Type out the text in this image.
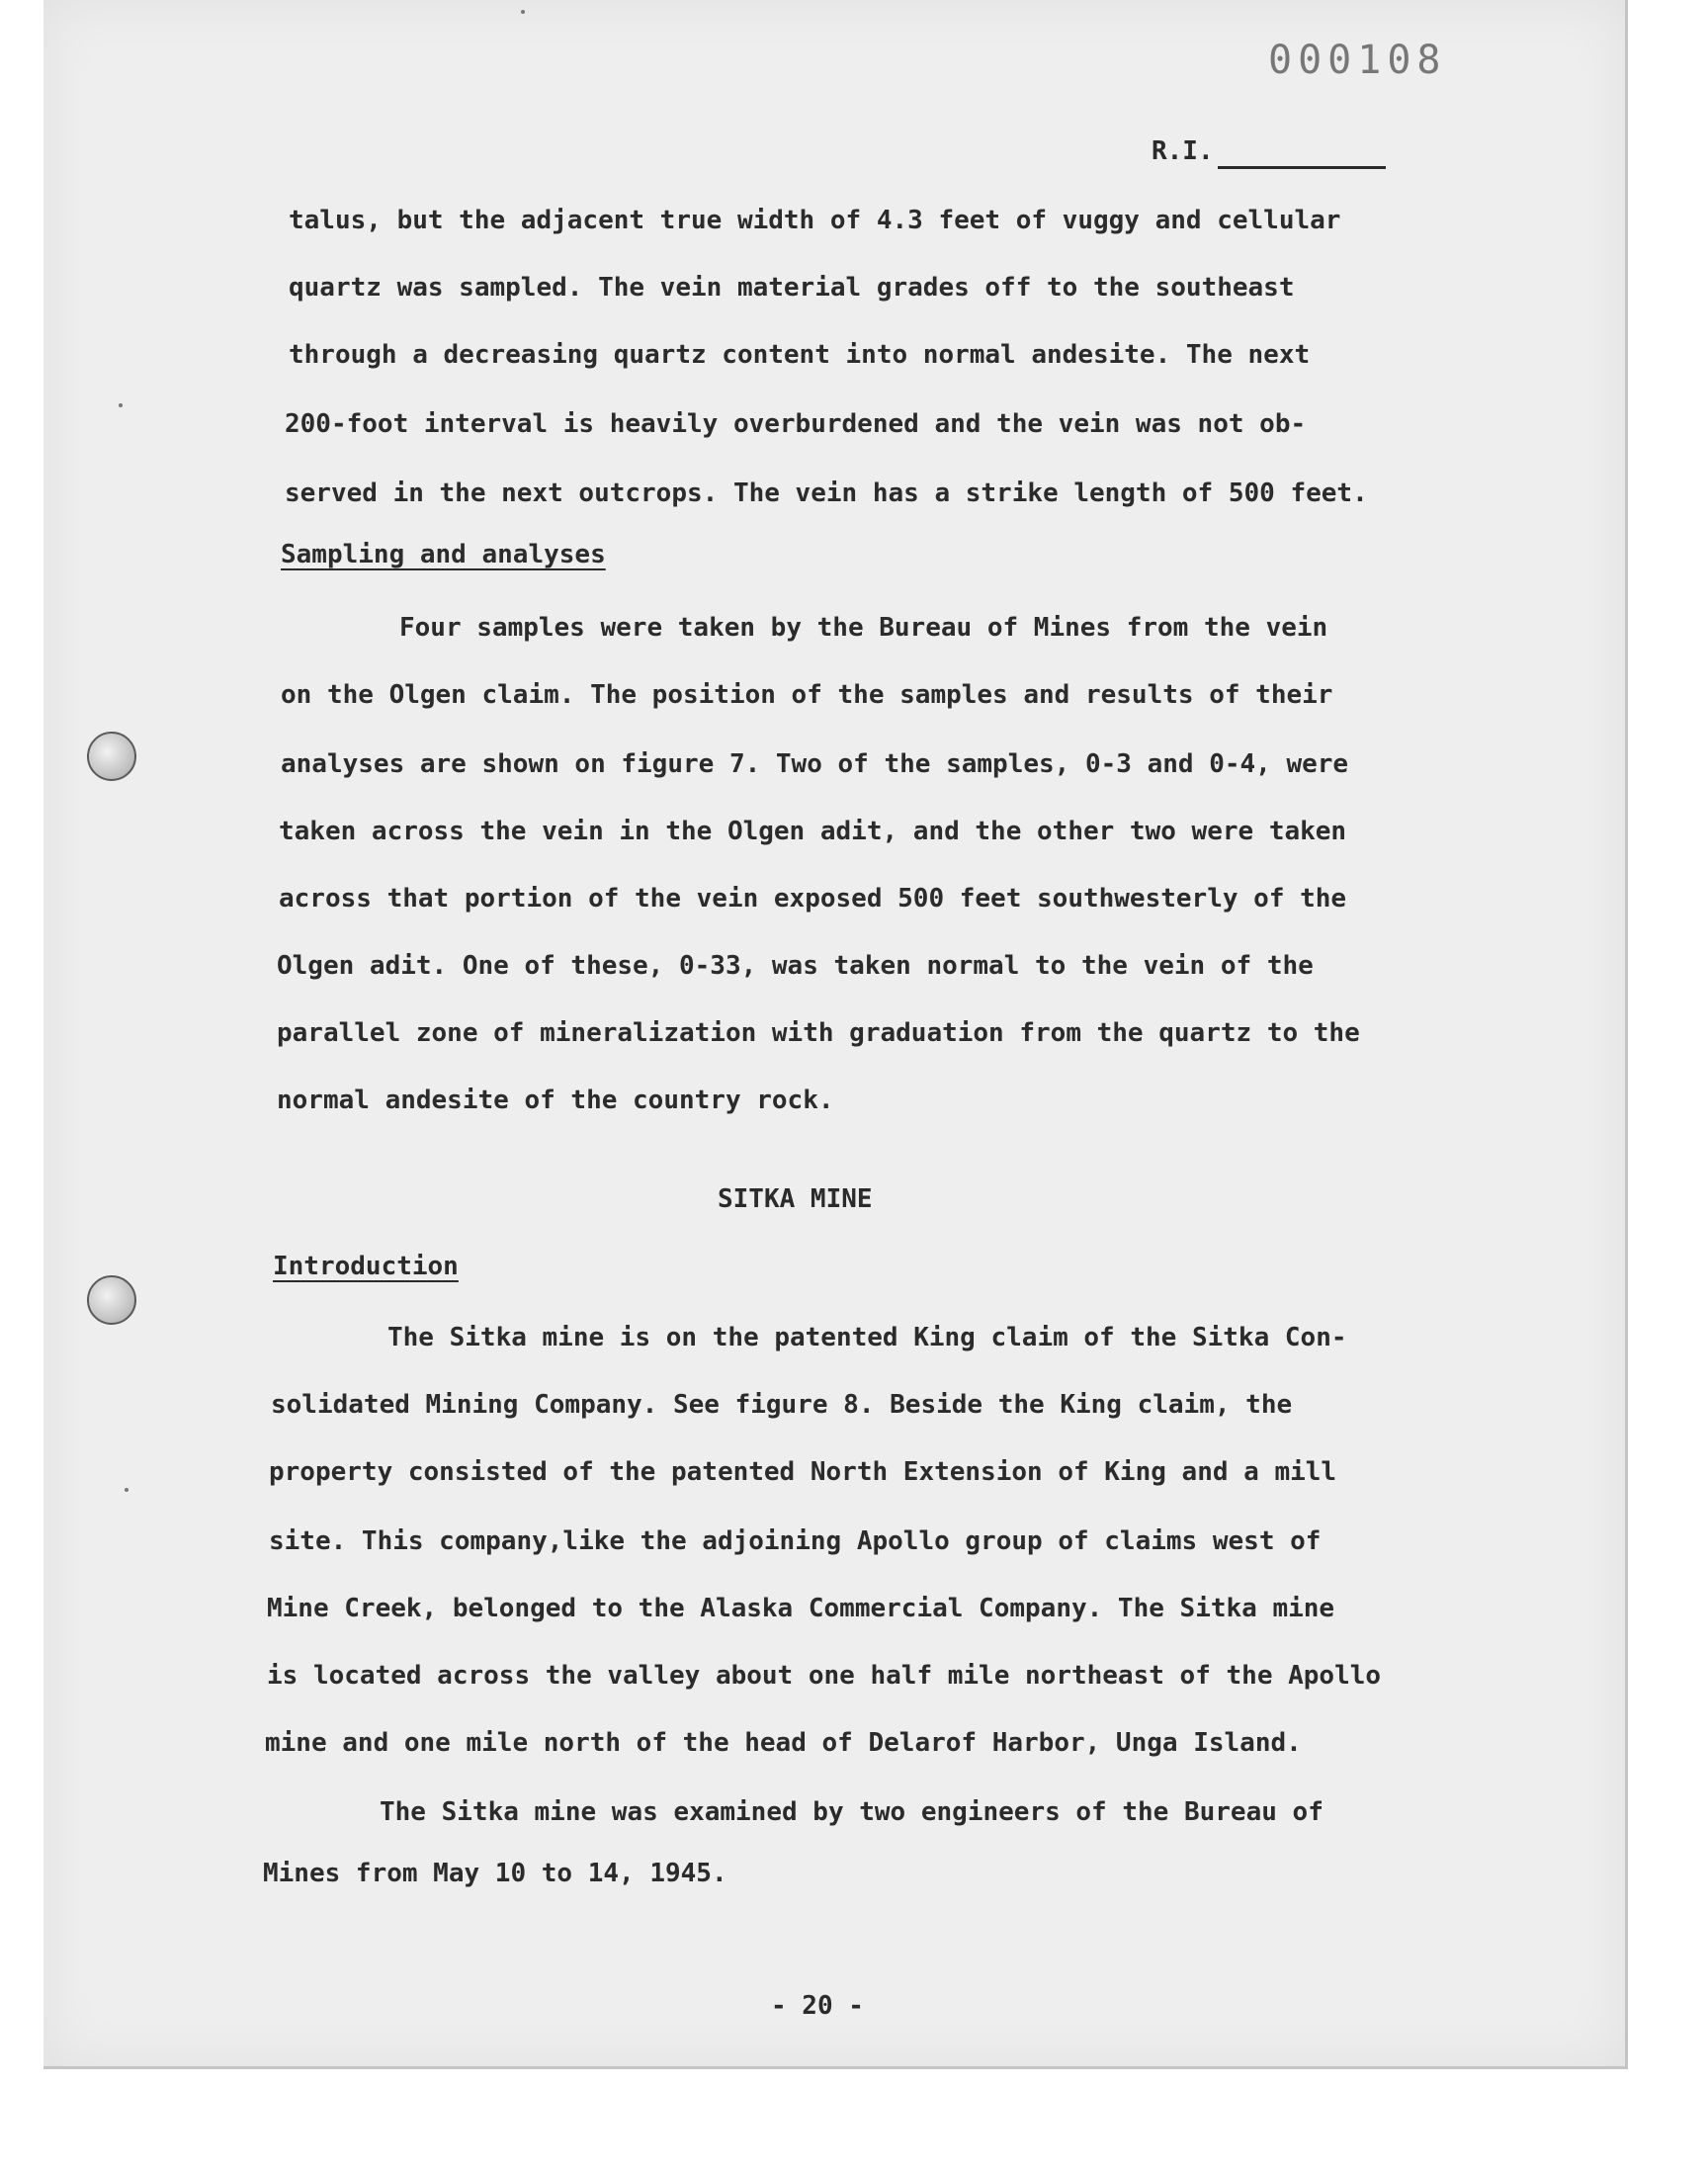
000108
R.I.

talus, but the adjacent true width of 4.3 feet of vuggy and cellular

quartz was sampled. The vein material grades off to the southeast

through a decreasing quartz content into normal andesite. The next

200-foot interval is heavily overburdened and the vein was not ob-

served in the next outcrops. The vein has a strike length of 500 feet.

Sampling and analyses

Four samples were taken by the Bureau of Mines from the vein

on the Olgen claim. The position of the samples and results of their

analyses are shown on figure 7. Two of the samples, 0-3 and 0-4, were

taken across the vein in the Olgen adit, and the other two were taken

across that portion of the vein exposed 500 feet southwesterly of the

Olgen adit. One of these, 0-33, was taken normal to the vein of the

parallel zone of mineralization with graduation from the quartz to the

normal andesite of the country rock.

SITKA MINE

Introduction

The Sitka mine is on the patented King claim of the Sitka Con-

solidated Mining Company. See figure 8. Beside the King claim, the

property consisted of the patented North Extension of King and a mill

site. This company,like the adjoining Apollo group of claims west of

Mine Creek, belonged to the Alaska Commercial Company. The Sitka mine

is located across the valley about one half mile northeast of the Apollo

mine and one mile north of the head of Delarof Harbor, Unga Island.

The Sitka mine was examined by two engineers of the Bureau of

Mines from May 10 to 14, 1945.

- 20 -
